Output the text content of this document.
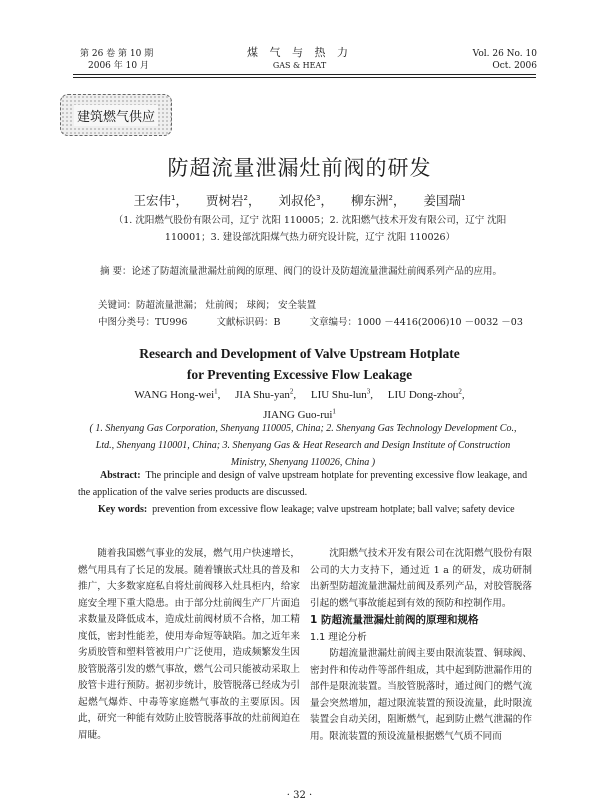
第 26 卷 第 10 期
2006 年 10 月
煤 气 与 热 力
GAS & HEAT
Vol. 26 No. 10
Oct. 2006
建筑燃气供应
防超流量泄漏灶前阀的研发
王宏伟$^1$， 贾树岩$^2$， 刘叔伦$^3$， 柳东洲$^2$， 姜国瑞$^1$
（1. 沈阳燃气股份有限公司，辽宁 沈阳 110005；2. 沈阳燃气技术开发有限公司，辽宁 沈阳 110001；3. 建设部沈阳煤气热力研究设计院，辽宁 沈阳 110026）
摘 要：论述了防超流量泄漏灶前阀的原理、阀门的设计及防超流量泄漏灶前阀系列产品的应用。
关键词：防超流量泄漏； 灶前阀； 球阀； 安全装置
中图分类号：TU996	文献标识码：B	文章编号：1000 －4416(2006)10 －0032 －03
Research and Development of Valve Upstream Hotplate
for Preventing Excessive Flow Leakage
WANG Hong-wei$^1$, JIA Shu-yan$^2$, LIU Shu-lun$^3$, LIU Dong-zhou$^2$,
JIANG Guo-rui$^1$
( 1. Shenyang Gas Corporation, Shenyang 110005, China; 2. Shenyang Gas Technology Development Co., Ltd., Shenyang 110001, China; 3. Shenyang Gas & Heat Research and Design Institute of Construction Ministry, Shenyang 110026, China )
Abstract: The principle and design of valve upstream hotplate for preventing excessive flow leakage, and the application of the valve series products are discussed.
Key words: prevention from excessive flow leakage; valve upstream hotplate; ball valve; safety device

随着我国燃气事业的发展，燃气用户快速增长，燃气用具有了长足的发展。随着镶嵌式灶具的普及和推广，大多数家庭私自将灶前阀移入灶具柜内，给家庭安全埋下重大隐患。由于部分灶前阀生产厂片面追求数量及降低成本，造成灶前阀材质不合格，加工精度低，密封性能差，使用寿命短等缺陷。加之近年来劣质胶管和塑料管被用户广泛使用，造成频繁发生因胶管脱落引发的燃气事故，燃气公司只能被动采取上胶管卡进行预防。据初步统计，胶管脱落已经成为引起燃气爆炸、中毒等家庭燃气事故的主要原因。因此，研究一种能有效防止胶管脱落事故的灶前阀迫在眉睫。

沈阳燃气技术开发有限公司在沈阳燃气股份有限公司的大力支持下，通过近 1 a 的研发，成功研制出新型防超流量泄漏灶前阀及系列产品，对胶管脱落引起的燃气事故能起到有效的预防和控制作用。

1 防超流量泄漏灶前阀的原理和规格
1.1 理论分析

防超流量泄漏灶前阀主要由限流装置、铜球阀、密封件和传动件等部件组成，其中起到防泄漏作用的部件是限流装置。当胶管脱落时，通过阀门的燃气流量会突然增加，超过限流装置的预设流量，此时限流装置会自动关闭，阻断燃气，起到防止燃气泄漏的作用。限流装置的预设流量根据燃气气质不同而

· 32 ·
